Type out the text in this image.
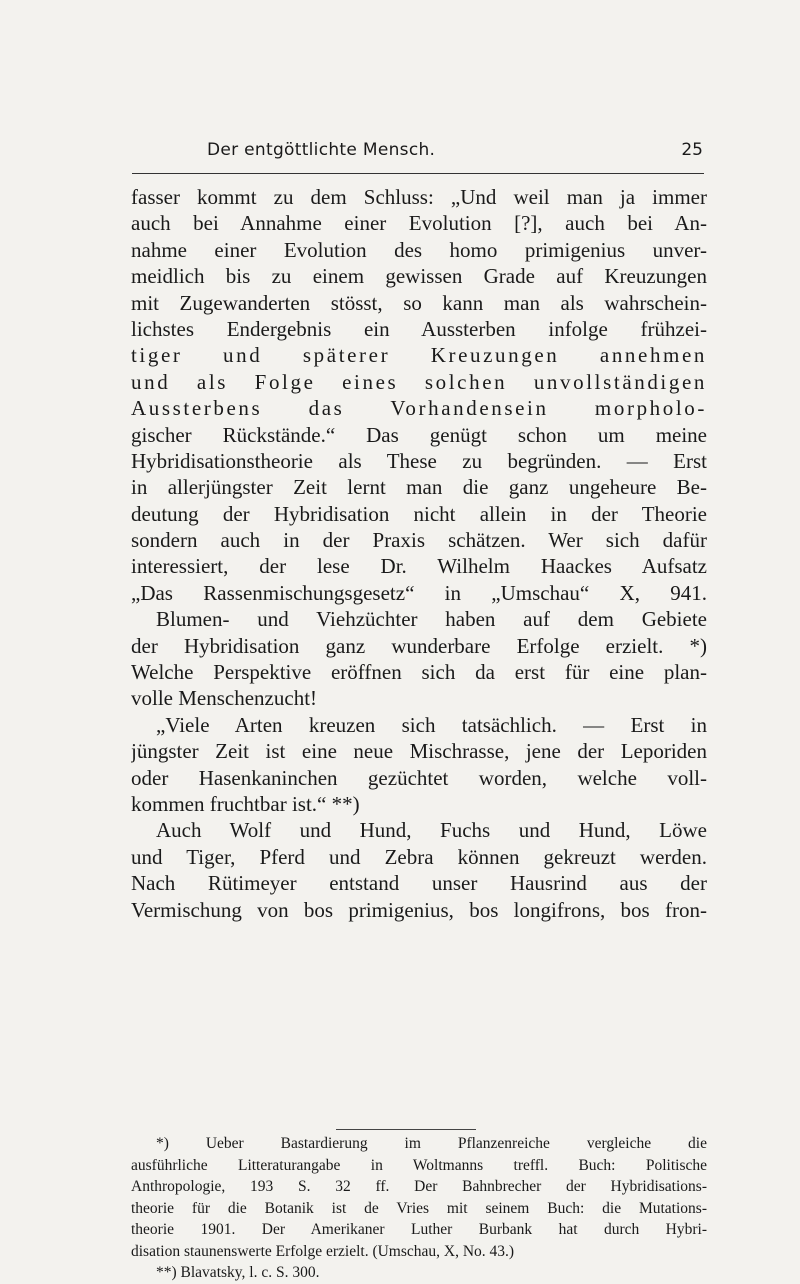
Der entgöttlichte Mensch.	25
fasser kommt zu dem Schluss: „Und weil man ja immer
auch bei Annahme einer Evolution [?], auch bei An-
nahme einer Evolution des homo primigenius unver-
meidlich bis zu einem gewissen Grade auf Kreuzungen
mit Zugewanderten stösst, so kann man als wahrschein-
lichstes Endergebnis ein Aussterben infolge frühzei-
tiger und späterer Kreuzungen annehmen
und als Folge eines solchen unvollständigen
Aussterbens das Vorhandensein morpholo-
gischer Rückstände.“ Das genügt schon um meine
Hybridisationstheorie als These zu begründen. — Erst
in allerjüngster Zeit lernt man die ganz ungeheure Be-
deutung der Hybridisation nicht allein in der Theorie
sondern auch in der Praxis schätzen. Wer sich dafür
interessiert, der lese Dr. Wilhelm Haackes Aufsatz
„Das Rassenmischungsgesetz“ in „Umschau“ X, 941.
Blumen- und Viehzüchter haben auf dem Gebiete
der Hybridisation ganz wunderbare Erfolge erzielt. *)
Welche Perspektive eröffnen sich da erst für eine plan-
volle Menschenzucht!
„Viele Arten kreuzen sich tatsächlich. — Erst in
jüngster Zeit ist eine neue Mischrasse, jene der Leporiden
oder Hasenkaninchen gezüchtet worden, welche voll-
kommen fruchtbar ist.“ **)
Auch Wolf und Hund, Fuchs und Hund, Löwe
und Tiger, Pferd und Zebra können gekreuzt werden.
Nach Rütimeyer entstand unser Hausrind aus der
Vermischung von bos primigenius, bos longifrons, bos fron-
*) Ueber Bastardierung im Pflanzenreiche vergleiche die
ausführliche Litteraturangabe in Woltmanns treffl. Buch: Politische
Anthropologie, 193 S. 32 ff. Der Bahnbrecher der Hybridisations-
theorie für die Botanik ist de Vries mit seinem Buch: die Mutations-
theorie 1901. Der Amerikaner Luther Burbank hat durch Hybri-
disation staunenswerte Erfolge erzielt. (Umschau, X, No. 43.)
**) Blavatsky, l. c. S. 300.
